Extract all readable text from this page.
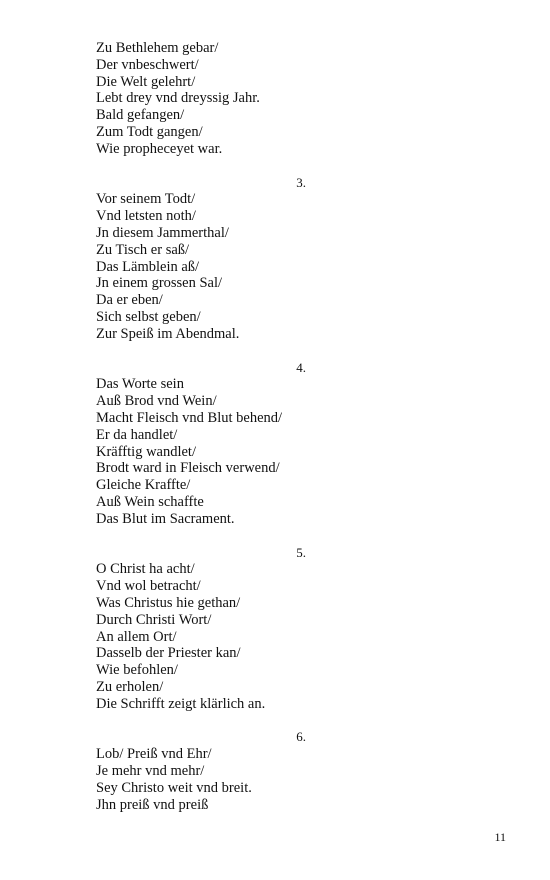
Zu Bethlehem gebar/
Der vnbeschwert/
Die Welt gelehrt/
Lebt drey vnd dreyssig Jahr.
Bald gefangen/
Zum Todt gangen/
Wie propheceyet war.
3.
Vor seinem Todt/
Vnd letsten noth/
Jn diesem Jammerthal/
Zu Tisch er saß/
Das Lämblein aß/
Jn einem grossen Sal/
Da er eben/
Sich selbst geben/
Zur Speiß im Abendmal.
4.
Das Worte sein
Auß Brod vnd Wein/
Macht Fleisch vnd Blut behend/
Er da handlet/
Kräfftig wandlet/
Brodt ward in Fleisch verwend/
Gleiche Kraffte/
Auß Wein schaffte
Das Blut im Sacrament.
5.
O Christ ha acht/
Vnd wol betracht/
Was Christus hie gethan/
Durch Christi Wort/
An allem Ort/
Dasselb der Priester kan/
Wie befohlen/
Zu erholen/
Die Schrifft zeigt klärlich an.
6.
Lob/ Preiß vnd Ehr/
Je mehr vnd mehr/
Sey Christo weit vnd breit.
Jhn preiß vnd preiß
11
